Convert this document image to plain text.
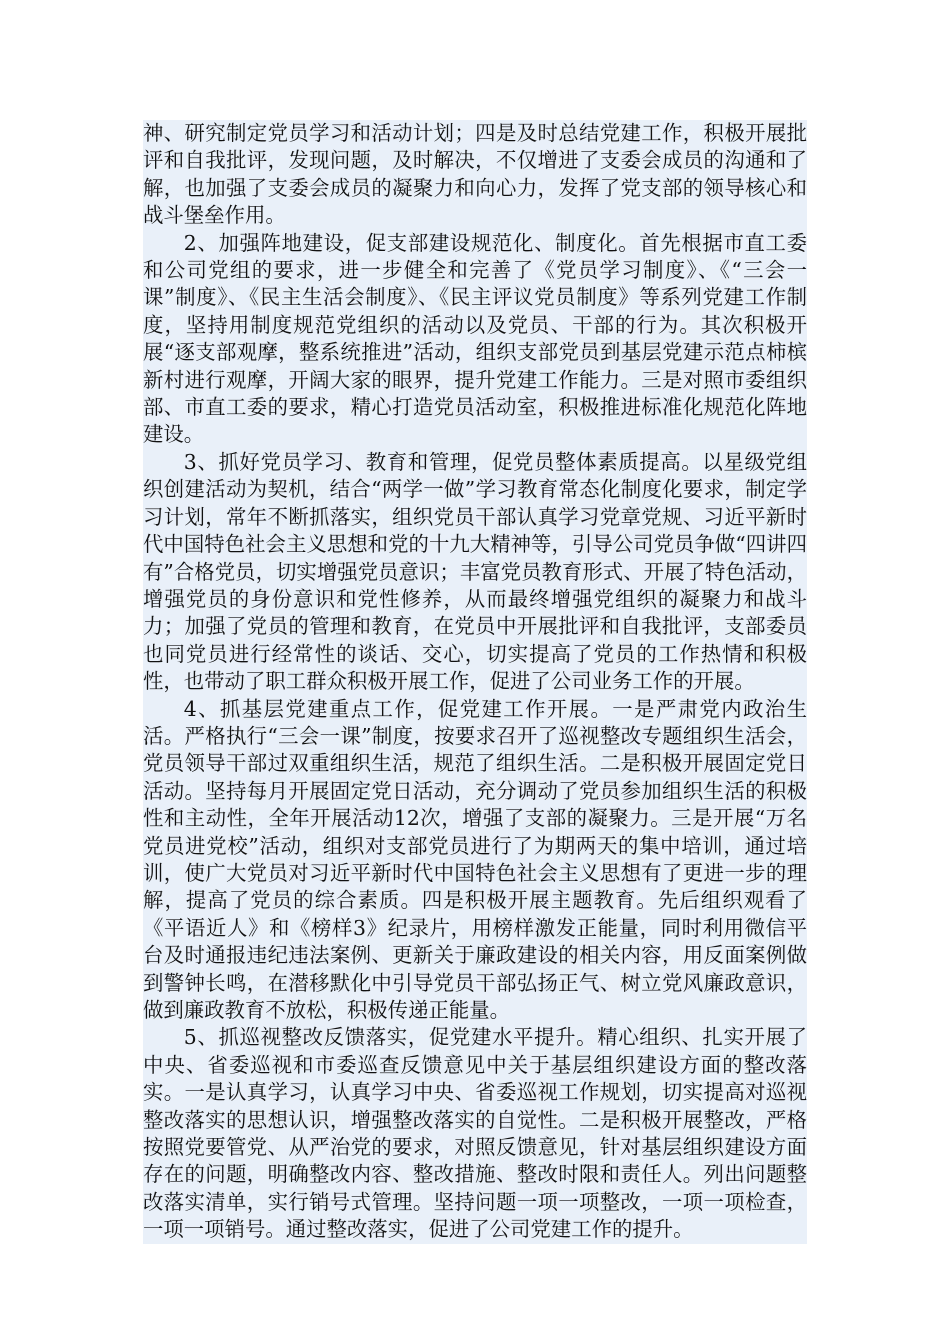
神、研究制定党员学习和活动计划；四是及时总结党建工作，积极开展批评和自我批评，发现问题，及时解决，不仅增进了支委会成员的沟通和了解，也加强了支委会成员的凝聚力和向心力，发挥了党支部的领导核心和战斗堡垒作用。

2、加强阵地建设，促支部建设规范化、制度化。首先根据市直工委和公司党组的要求，进一步健全和完善了《党员学习制度》、《“三会一课”制度》、《民主生活会制度》、《民主评议党员制度》等系列党建工作制度，坚持用制度规范党组织的活动以及党员、干部的行为。其次积极开展“逐支部观摩，整系统推进”活动，组织支部党员到基层党建示范点柿槟新村进行观摩，开阔大家的眼界，提升党建工作能力。三是对照市委组织部、市直工委的要求，精心打造党员活动室，积极推进标准化规范化阵地建设。

3、抓好党员学习、教育和管理，促党员整体素质提高。以星级党组织创建活动为契机，结合“两学一做”学习教育常态化制度化要求，制定学习计划，常年不断抓落实，组织党员干部认真学习党章党规、习近平新时代中国特色社会主义思想和党的十九大精神等，引导公司党员争做“四讲四有”合格党员，切实增强党员意识；丰富党员教育形式、开展了特色活动，增强党员的身份意识和党性修养，从而最终增强党组织的凝聚力和战斗力；加强了党员的管理和教育，在党员中开展批评和自我批评，支部委员也同党员进行经常性的谈话、交心，切实提高了党员的工作热情和积极性，也带动了职工群众积极开展工作，促进了公司业务工作的开展。

4、抓基层党建重点工作，促党建工作开展。一是严肃党内政治生活。严格执行“三会一课”制度，按要求召开了巡视整改专题组织生活会，党员领导干部过双重组织生活，规范了组织生活。二是积极开展固定党日活动。坚持每月开展固定党日活动，充分调动了党员参加组织生活的积极性和主动性，全年开展活动12次，增强了支部的凝聚力。三是开展“万名党员进党校”活动，组织对支部党员进行了为期两天的集中培训，通过培训，使广大党员对习近平新时代中国特色社会主义思想有了更进一步的理解，提高了党员的综合素质。四是积极开展主题教育。先后组织观看了《平语近人》和《榜样3》纪录片，用榜样激发正能量，同时利用微信平台及时通报违纪违法案例、更新关于廉政建设的相关内容，用反面案例做到警钟长鸣，在潜移默化中引导党员干部弘扬正气、树立党风廉政意识，做到廉政教育不放松，积极传递正能量。

5、抓巡视整改反馈落实，促党建水平提升。精心组织、扎实开展了中央、省委巡视和市委巡查反馈意见中关于基层组织建设方面的整改落实。一是认真学习，认真学习中央、省委巡视工作规划，切实提高对巡视整改落实的思想认识，增强整改落实的自觉性。二是积极开展整改，严格按照党要管党、从严治党的要求，对照反馈意见，针对基层组织建设方面存在的问题，明确整改内容、整改措施、整改时限和责任人。列出问题整改落实清单，实行销号式管理。坚持问题一项一项整改，一项一项检查，一项一项销号。通过整改落实，促进了公司党建工作的提升。
